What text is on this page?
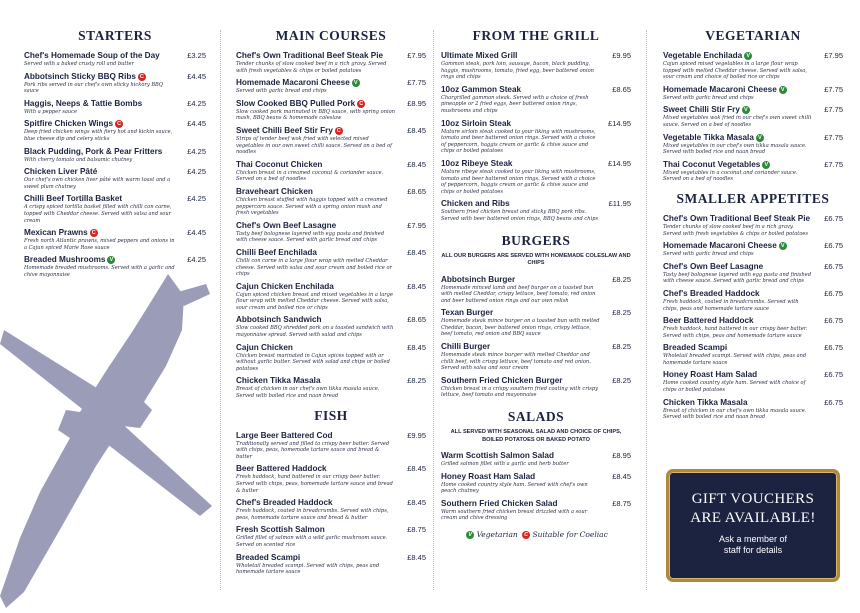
STARTERS
Chef's Homemade Soup of the Day	£3.25
Served with a baked crusty roll and butter
Abbotsinch Sticky BBQ Ribs C	£4.45
Pork ribs served in our chef's own sticky hickory BBQ sauce
Haggis, Neeps & Tattie Bombs	£4.25
With a pepper sauce
Spitfire Chicken Wings C	£4.45
Deep fried chicken wings with fiery hot and kickin sauce, blue cheese dip and celery sticks
Black Pudding, Pork & Pear Fritters	£4.25
With cherry tomato and balsamic chutney
Chicken Liver Pâté	£4.25
Our chef's own chicken liver pâté with warm toast and a sweet plum chutney
Chilli Beef Tortilla Basket	£4.25
A crispy spiced tortilla basket filled with chilli con carne, topped with Cheddar cheese. Served with salsa and sour cream
Mexican Prawns C	£4.45
Fresh north Atlantic prawns, mixed peppers and onions in a Cajun spiced Marie Rose sauce
Breaded Mushrooms V	£4.25
Homemade breaded mushrooms. Served with a garlic and chive mayonnaise
MAIN COURSES
Chef's Own Traditional Beef Steak Pie	£7.95
Tender chunks of slow cooked beef in a rich gravy. Served with fresh vegetables & chips or boiled potatoes
Homemade Macaroni Cheese V	£7.75
Served with garlic bread and chips
Slow Cooked BBQ Pulled Pork C	£8.95
Slow cooked pork marinated in BBQ sauce, with spring onion mash, BBQ beans & homemade coleslaw
Sweet Chilli Beef Stir Fry C	£8.45
Strips of tender beef wok fried with selected mixed vegetables in our own sweet chilli sauce. Served on a bed of noodles
Thai Coconut Chicken	£8.45
Chicken breast in a creamed coconut & coriander sauce. Served on a bed of noodles
Braveheart Chicken	£8.65
Chicken breast stuffed with haggis topped with a creamed peppercorn sauce. Served with a spring onion mash and fresh vegetables
Chef's Own Beef Lasagne	£7.95
Tasty beef bolognese layered with egg pasta and finished with cheese sauce. Served with garlic bread and chips
Chilli Beef Enchilada	£8.45
Chilli con carne in a large flour wrap with melted Cheddar cheese. Served with salsa and sour cream and boiled rice or chips
Cajun Chicken Enchilada	£8.45
Cajun spiced chicken breast and mixed vegetables in a large flour wrap with melted Cheddar cheese. Served with salsa, sour cream and boiled rice or chips
Abbotsinch Sandwich	£8.65
Slow cooked BBQ shredded pork on a toasted sandwich with mayonnaise spread. Served with salad and chips
Cajun Chicken	£8.45
Chicken breast marinated in Cajun spices topped with or without garlic butter. Served with salad and chips or boiled potatoes
Chicken Tikka Masala	£8.25
Breast of chicken in our chef's own tikka masala sauce. Served with boiled rice and naan bread
FISH
Large Beer Battered Cod	£9.95
Traditionally served and filled to crispy beer batter. Served with chips, peas, homemade tartare sauce and bread & butter
Beer Battered Haddock	£8.45
Fresh haddock, hand battered in our crispy beer batter. Served with chips, peas, homemade tartare sauce and bread & butter
Chef's Breaded Haddock	£8.45
Fresh haddock, coated in breadcrumbs. Served with chips, peas, homemade tartare sauce and bread & butter
Fresh Scottish Salmon	£8.75
Grilled fillet of salmon with a wild garlic mushroom sauce. Served on scented rice
Breaded Scampi	£8.45
Wholetail breaded scampi. Served with chips, peas and homemade tartare sauce
FROM THE GRILL
Ultimate Mixed Grill	£9.95
Gammon steak, pork loin, sausage, bacon, black pudding, haggis, mushrooms, tomato, fried egg, beer battered onion rings and chips
10oz Gammon Steak	£8.65
Chargrilled gammon steak. Served with a choice of fresh pineapple or 2 fried eggs, beer battered onion rings, mushrooms and chips
10oz Sirloin Steak	£14.95
Mature sirloin steak cooked to your liking with mushrooms, tomato and beer battered onion rings. Served with a choice of peppercorn, haggis cream or garlic & chive sauce and chips or boiled potatoes
10oz Ribeye Steak	£14.95
Mature ribeye steak cooked to your liking with mushrooms, tomato and beer battered onion rings. Served with a choice of peppercorn, haggis cream or garlic & chive sauce and chips or boiled potatoes
Chicken and Ribs	£11.95
Southern fried chicken breast and sticky BBQ pork ribs. Served with beer battered onion rings, BBQ beans and chips
BURGERS
ALL OUR BURGERS ARE SERVED WITH HOMEMADE COLESLAW AND CHIPS
Abbotsinch Burger	£8.25
Homemade minced lamb and beef burger on a toasted bun with melted Cheddar, crispy lettuce, beef tomato, red onion and beer battered onion rings and our own relish
Texan Burger	£8.25
Homemade steak mince burger on a toasted bun with melted Cheddar, bacon, beer battered onion rings, crispy lettuce, beef tomato, red onion and BBQ sauce
Chilli Burger	£8.25
Homemade steak mince burger with melted Cheddar and chilli beef, with crispy lettuce, beef tomato and red onion. Served with salsa and sour cream
Southern Fried Chicken Burger	£8.25
Chicken breast in a crispy southern fried coating with crispy lettuce, beef tomato and mayonnaise
SALADS
ALL SERVED WITH SEASONAL SALAD AND CHOICE OF CHIPS, BOILED POTATOES OR BAKED POTATO
Warm Scottish Salmon Salad	£8.95
Grilled salmon fillet with a garlic and herb butter
Honey Roast Ham Salad	£8.45
Home cooked country style ham. Served with chef's own peach chutney
Southern Fried Chicken Salad	£8.75
Warm southern fried chicken breast drizzled with a sour cream and chive dressing
V Vegetarian C Suitable for Coeliac
VEGETARIAN
Vegetable Enchilada V	£7.95
Cajun spiced mixed vegetables in a large flour wrap topped with melted Cheddar cheese. Served with salsa, sour cream and choice of boiled rice or chips
Homemade Macaroni Cheese V	£7.75
Served with garlic bread and chips
Sweet Chilli Stir Fry V	£7.75
Mixed vegetables wok fried in our chef's own sweet chilli sauce. Served on a bed of noodles
Vegetable Tikka Masala V	£7.75
Mixed vegetables in our chef's own tikka masala sauce. Served with boiled rice and naan bread
Thai Coconut Vegetables V	£7.75
Mixed vegetables in a coconut and coriander sauce. Served on a bed of noodles
SMALLER APPETITES
Chef's Own Traditional Beef Steak Pie	£6.75
Tender chunks of slow cooked beef in a rich gravy. Served with fresh vegetables & chips or boiled potatoes
Homemade Macaroni Cheese V	£6.75
Served with garlic bread and chips
Chef's Own Beef Lasagne	£6.75
Tasty beef bolognese layered with egg pasta and finished with cheese sauce. Served with garlic bread and chips
Chef's Breaded Haddock	£6.75
Fresh haddock, coated in breadcrumbs. Served with chips, peas and homemade tartare sauce
Beer Battered Haddock	£6.75
Fresh haddock, hand battered in our crispy beer batter. Served with chips, peas and homemade tartare sauce
Breaded Scampi	£6.75
Wholetail breaded scampi. Served with chips, peas and homemade tartare sauce
Honey Roast Ham Salad	£6.75
Home cooked country style ham. Served with choice of chips or boiled potatoes
Chicken Tikka Masala	£6.75
Breast of chicken in our chef's own tikka masala sauce. Served with boiled rice and naan bread
GIFT VOUCHERS
ARE AVAILABLE!
Ask a member of
staff for details
